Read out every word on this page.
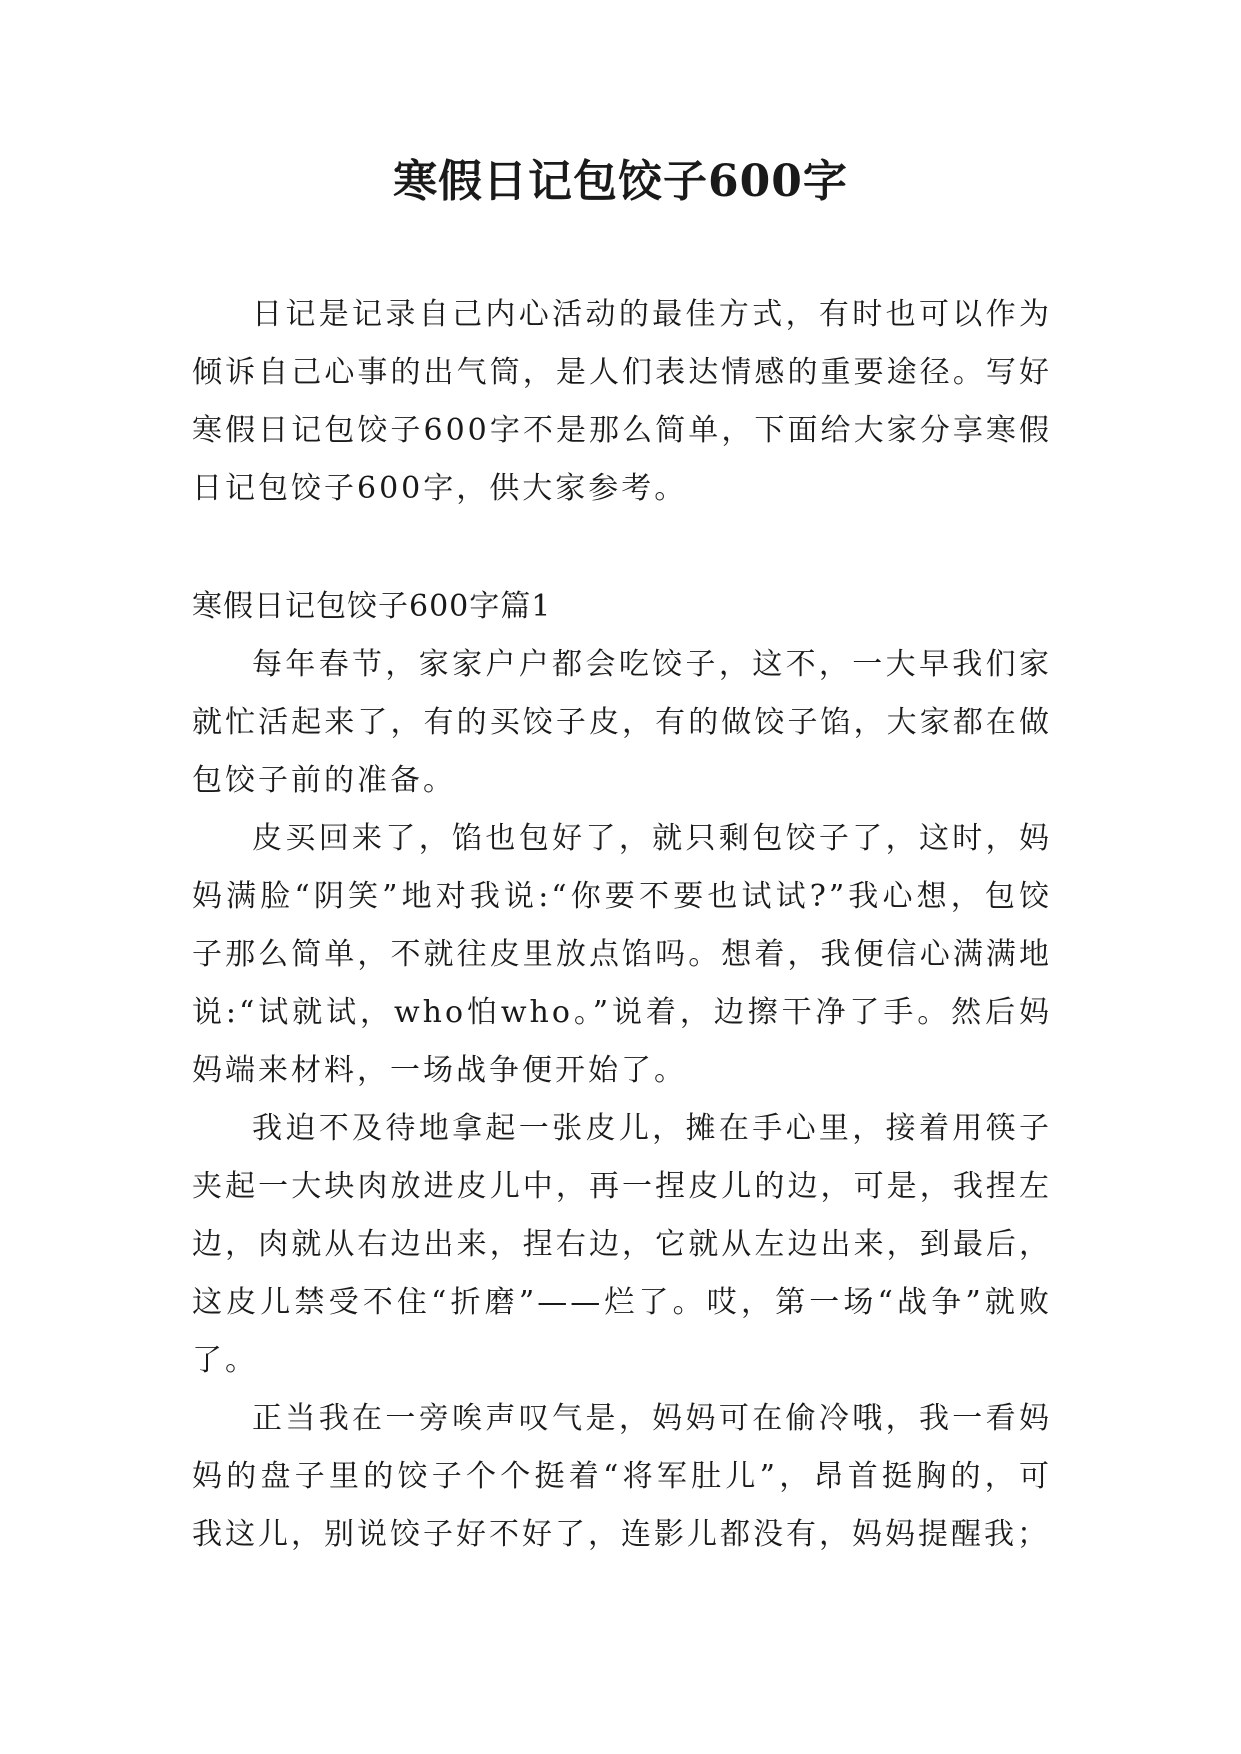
寒假日记包饺子600字

日记是记录自己内心活动的最佳方式，有时也可以作为倾诉自己心事的出气筒，是人们表达情感的重要途径。写好寒假日记包饺子600字不是那么简单，下面给大家分享寒假日记包饺子600字，供大家参考。

寒假日记包饺子600字篇1

每年春节，家家户户都会吃饺子，这不，一大早我们家就忙活起来了，有的买饺子皮，有的做饺子馅，大家都在做包饺子前的准备。

皮买回来了，馅也包好了，就只剩包饺子了，这时，妈妈满脸“阴笑”地对我说:“你要不要也试试?”我心想，包饺子那么简单，不就往皮里放点馅吗。想着，我便信心满满地说:“试就试，who怕who。”说着，边擦干净了手。然后妈妈端来材料，一场战争便开始了。

我迫不及待地拿起一张皮儿，摊在手心里，接着用筷子夹起一大块肉放进皮儿中，再一捏皮儿的边，可是，我捏左边，肉就从右边出来，捏右边，它就从左边出来，到最后，这皮儿禁受不住“折磨”——烂了。哎，第一场“战争”就败了。

正当我在一旁唉声叹气是，妈妈可在偷冷哦，我一看妈妈的盘子里的饺子个个挺着“将军肚儿”，昂首挺胸的，可我这儿，别说饺子好不好了，连影儿都没有，妈妈提醒我；
